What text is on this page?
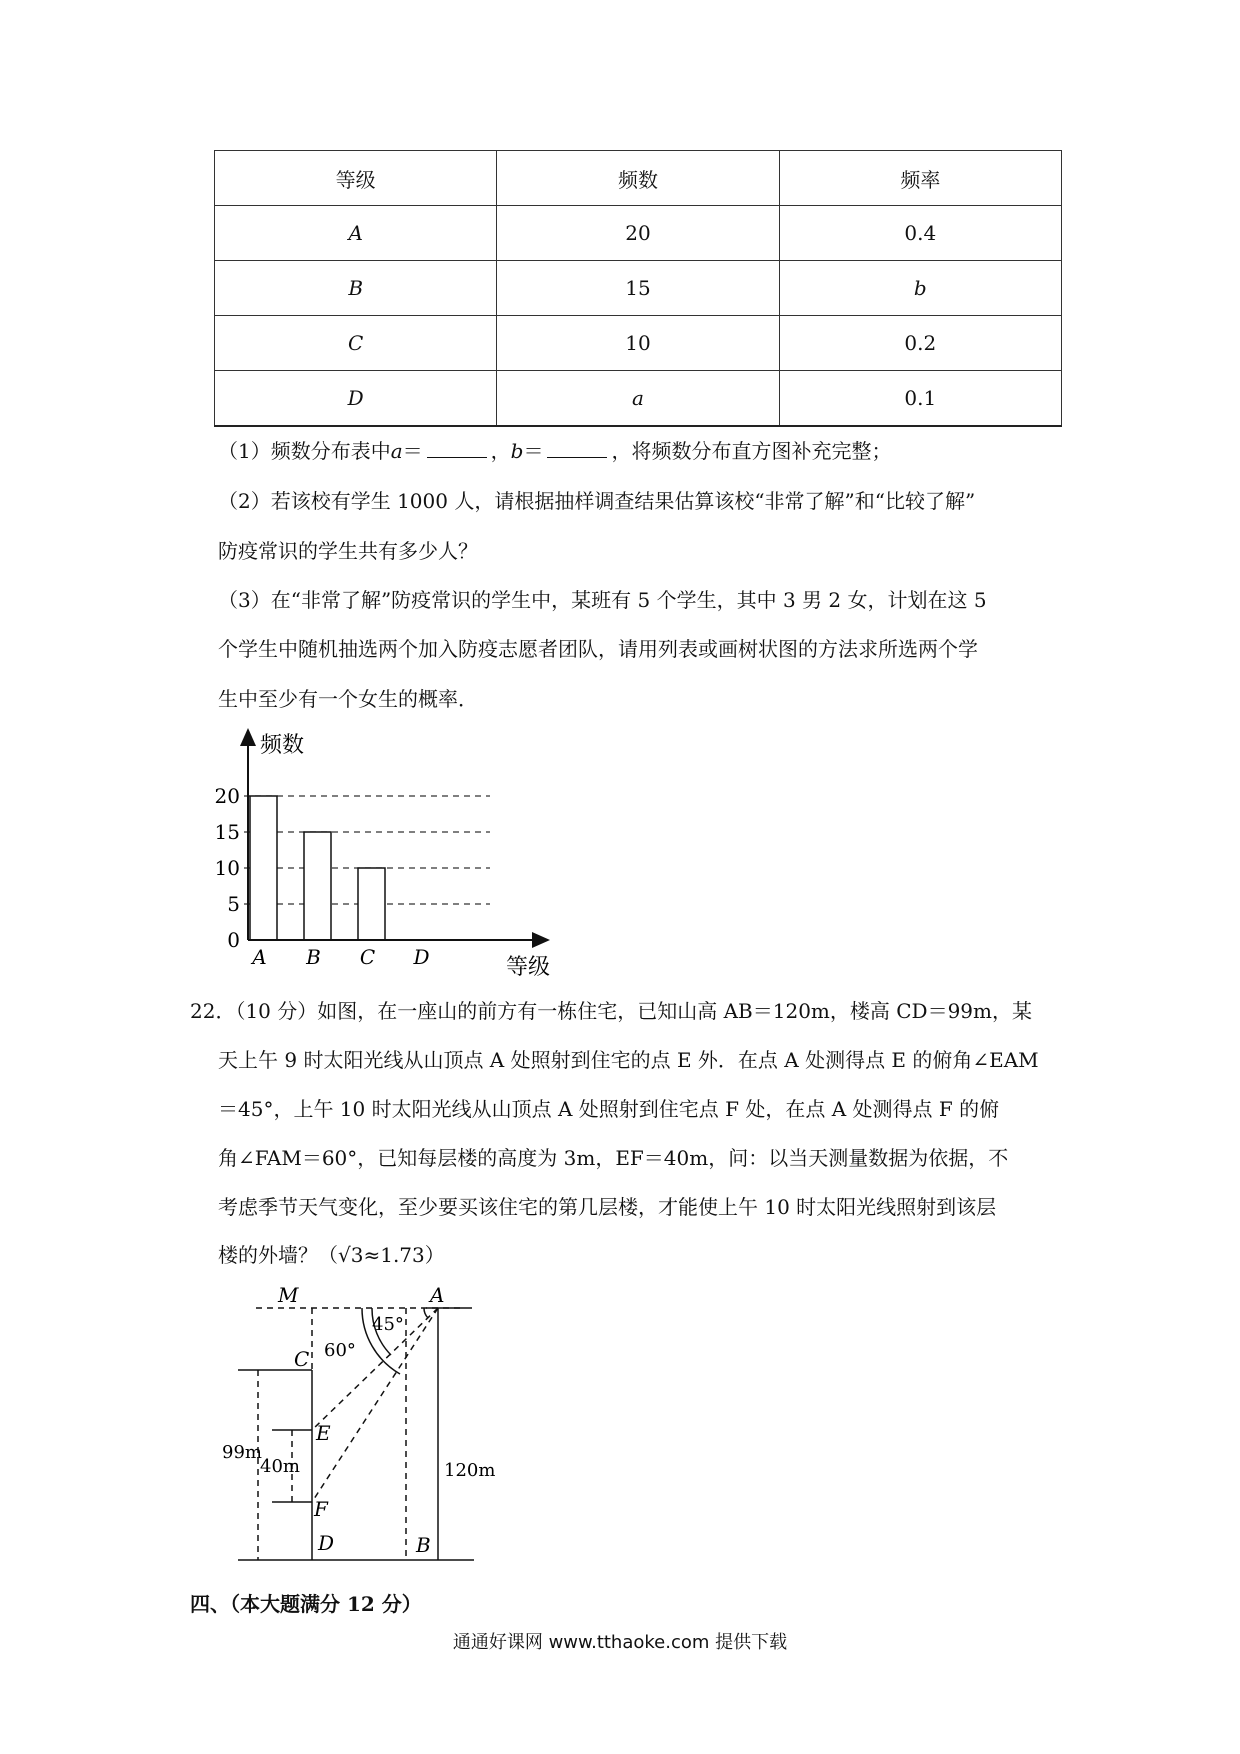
等级	频数	频率
A	20	0.4
B	15	b
C	10	0.2
D	a	0.1
（1）频数分布表中a＝	，b＝	，将频数分布直方图补充完整；
（2）若该校有学生 1000 人，请根据抽样调查结果估算该校“非常了解”和“比较了解”
防疫常识的学生共有多少人？
（3）在“非常了解”防疫常识的学生中，某班有 5 个学生，其中 3 男 2 女，计划在这 5
个学生中随机抽选两个加入防疫志愿者团队，请用列表或画树状图的方法求所选两个学
生中至少有一个女生的概率．
频数
等级
0
5
10
15
20
A B C D
22．（10 分）如图，在一座山的前方有一栋住宅，已知山高 AB＝120m，楼高 CD＝99m，某
天上午 9 时太阳光线从山顶点 A 处照射到住宅的点 E 外．在点 A 处测得点 E 的俯角∠EAM
＝45°，上午 10 时太阳光线从山顶点 A 处照射到住宅点 F 处，在点 A 处测得点 F 的俯
角∠FAM＝60°，已知每层楼的高度为 3m，EF＝40m，问：以当天测量数据为依据，不
考虑季节天气变化，至少要买该住宅的第几层楼，才能使上午 10 时太阳光线照射到该层
楼的外墙？（√3≈1.73）
M	A
C
E
F
D	B
45°
60°
99m
40m	120m
四、（本大题满分 12 分）
通通好课网 www.tthaoke.com 提供下载
